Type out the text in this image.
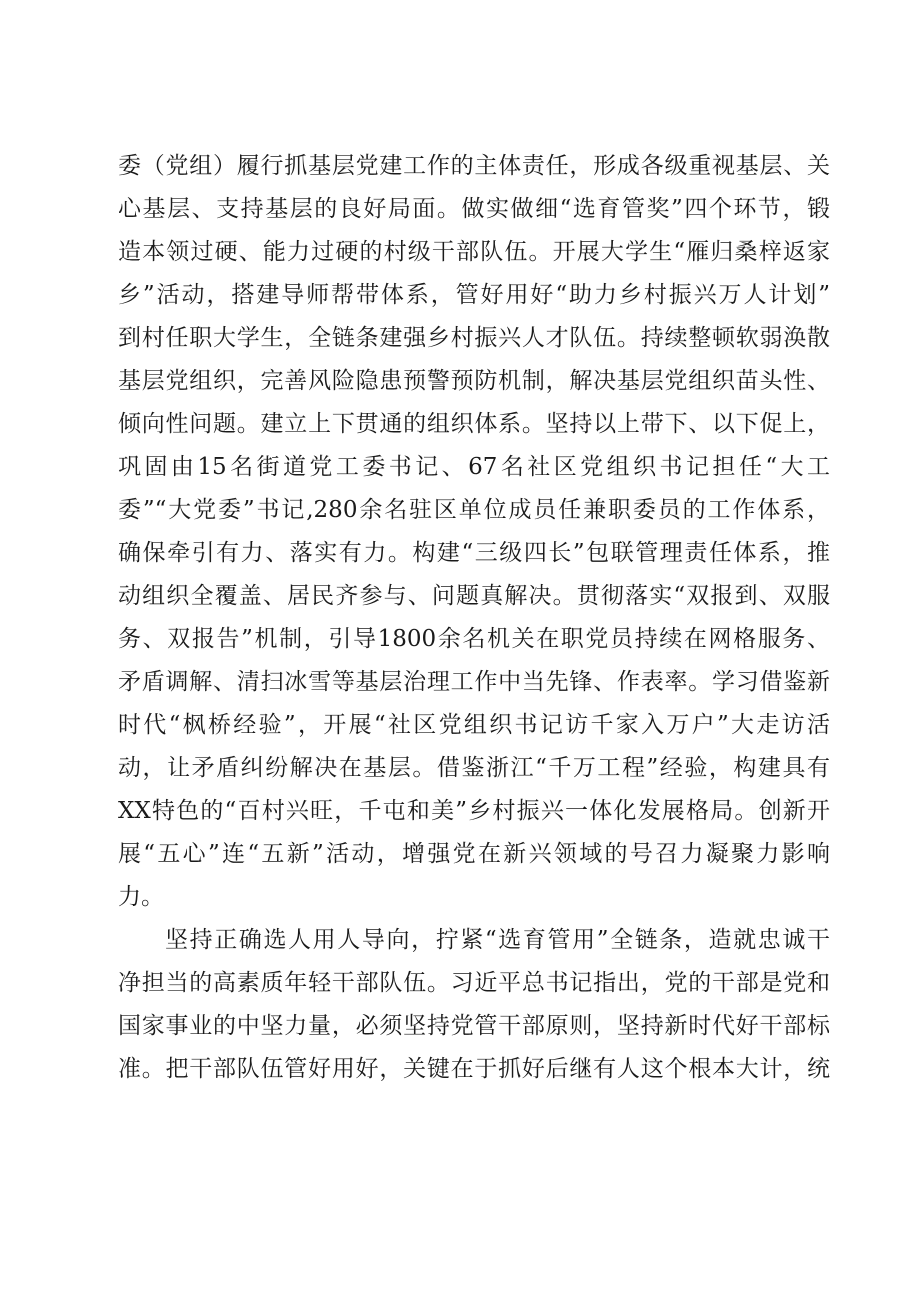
委（党组）履行抓基层党建工作的主体责任，形成各级重视基层、关
心基层、支持基层的良好局面。做实做细“选育管奖”四个环节，锻
造本领过硬、能力过硬的村级干部队伍。开展大学生“雁归桑梓返家
乡”活动，搭建导师帮带体系，管好用好“助力乡村振兴万人计划”
到村任职大学生，全链条建强乡村振兴人才队伍。持续整顿软弱涣散
基层党组织，完善风险隐患预警预防机制，解决基层党组织苗头性、
倾向性问题。建立上下贯通的组织体系。坚持以上带下、以下促上，
巩固由15名街道党工委书记、67名社区党组织书记担任“大工
委”“大党委”书记,280余名驻区单位成员任兼职委员的工作体系，
确保牵引有力、落实有力。构建“三级四长”包联管理责任体系，推
动组织全覆盖、居民齐参与、问题真解决。贯彻落实“双报到、双服
务、双报告”机制，引导1800余名机关在职党员持续在网格服务、
矛盾调解、清扫冰雪等基层治理工作中当先锋、作表率。学习借鉴新
时代“枫桥经验”，开展“社区党组织书记访千家入万户”大走访活
动，让矛盾纠纷解决在基层。借鉴浙江“千万工程”经验，构建具有
XX特色的“百村兴旺，千屯和美”乡村振兴一体化发展格局。创新开
展“五心”连“五新”活动，增强党在新兴领域的号召力凝聚力影响
力。
坚持正确选人用人导向，拧紧“选育管用”全链条，造就忠诚干
净担当的高素质年轻干部队伍。习近平总书记指出，党的干部是党和
国家事业的中坚力量，必须坚持党管干部原则，坚持新时代好干部标
准。把干部队伍管好用好，关键在于抓好后继有人这个根本大计，统
